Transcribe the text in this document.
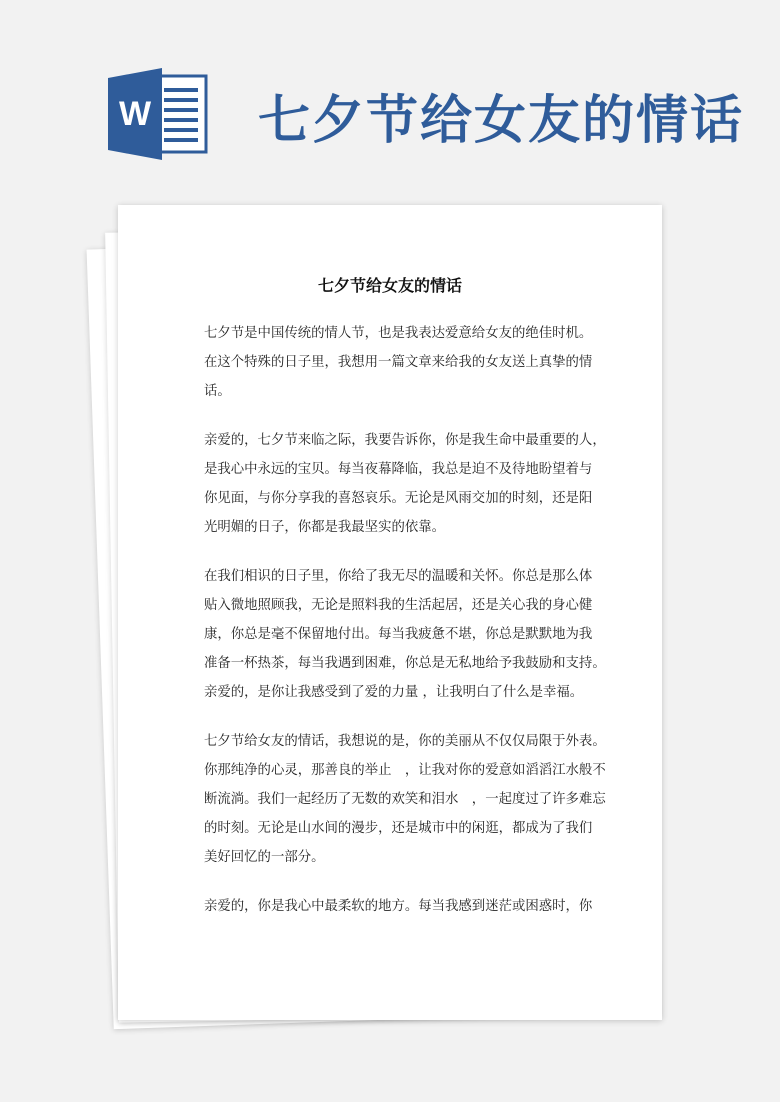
W 七夕节给女友的情话
七夕节给女友的情话
七夕节是中国传统的情人节，也是我表达爱意给女友的绝佳时机。
在这个特殊的日子里，我想用一篇文章来给我的女友送上真挚的情
话。
亲爱的，七夕节来临之际，我要告诉你，你是我生命中最重要的人，
是我心中永远的宝贝。每当夜幕降临，我总是迫不及待地盼望着与
你见面，与你分享我的喜怒哀乐。无论是风雨交加的时刻，还是阳
光明媚的日子，你都是我最坚实的依靠。
在我们相识的日子里，你给了我无尽的温暖和关怀。你总是那么体
贴入微地照顾我，无论是照料我的生活起居，还是关心我的身心健
康，你总是毫不保留地付出。每当我疲惫不堪，你总是默默地为我
准备一杯热茶，每当我遇到困难，你总是无私地给予我鼓励和支持。
亲爱的，是你让我感受到了爱的力量 ，让我明白了什么是幸福。
七夕节给女友的情话，我想说的是，你的美丽从不仅仅局限于外表。
你那纯净的心灵，那善良的举止　，让我对你的爱意如滔滔江水般不
断流淌。我们一起经历了无数的欢笑和泪水　，一起度过了许多难忘
的时刻。无论是山水间的漫步，还是城市中的闲逛，都成为了我们
美好回忆的一部分。
亲爱的，你是我心中最柔软的地方。每当我感到迷茫或困惑时，你
